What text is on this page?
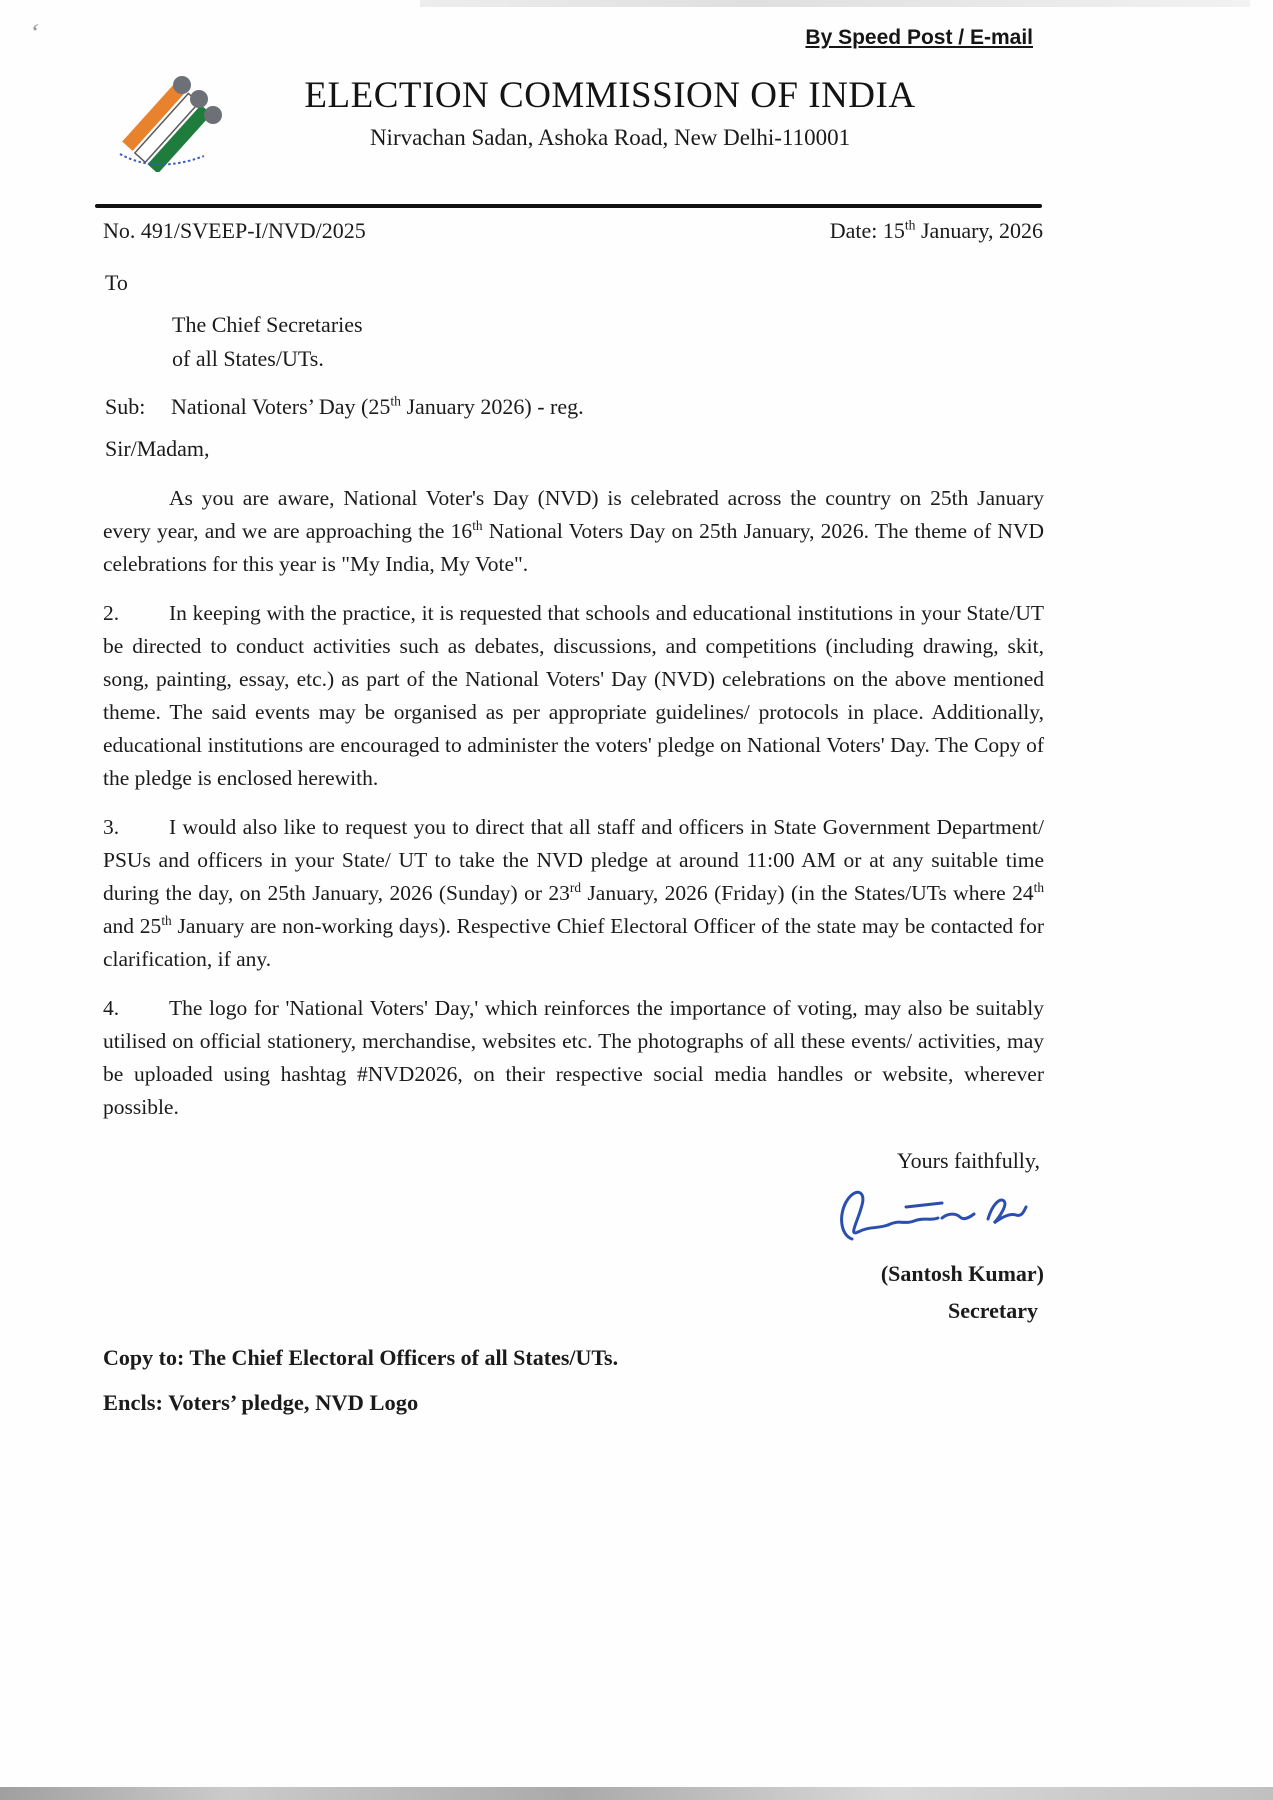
‘	By Speed Post / E-mail
ELECTION COMMISSION OF INDIA
Nirvachan Sadan, Ashoka Road, New Delhi-110001
No. 491/SVEEP-I/NVD/2025	Date: 15th January, 2026
To
The Chief Secretaries
of all States/UTs.
Sub:	National Voters’ Day (25th January 2026) - reg.
Sir/Madam,

As you are aware, National Voter's Day (NVD) is celebrated across the country on 25th January every year, and we are approaching the 16th National Voters Day on 25th January, 2026. The theme of NVD celebrations for this year is "My India, My Vote".

2. In keeping with the practice, it is requested that schools and educational institutions in your State/UT be directed to conduct activities such as debates, discussions, and competitions (including drawing, skit, song, painting, essay, etc.) as part of the National Voters' Day (NVD) celebrations on the above mentioned theme. The said events may be organised as per appropriate guidelines/ protocols in place. Additionally, educational institutions are encouraged to administer the voters' pledge on National Voters' Day. The Copy of the pledge is enclosed herewith.

3. I would also like to request you to direct that all staff and officers in State Government Department/ PSUs and officers in your State/ UT to take the NVD pledge at around 11:00 AM or at any suitable time during the day, on 25th January, 2026 (Sunday) or 23rd January, 2026 (Friday) (in the States/UTs where 24th and 25th January are non-working days). Respective Chief Electoral Officer of the state may be contacted for clarification, if any.

4. The logo for 'National Voters' Day,' which reinforces the importance of voting, may also be suitably utilised on official stationery, merchandise, websites etc. The photographs of all these events/ activities, may be uploaded using hashtag #NVD2026, on their respective social media handles or website, wherever possible.

Yours faithfully,
(Santosh Kumar)
Secretary
Copy to: The Chief Electoral Officers of all States/UTs.
Encls: Voters’ pledge, NVD Logo
